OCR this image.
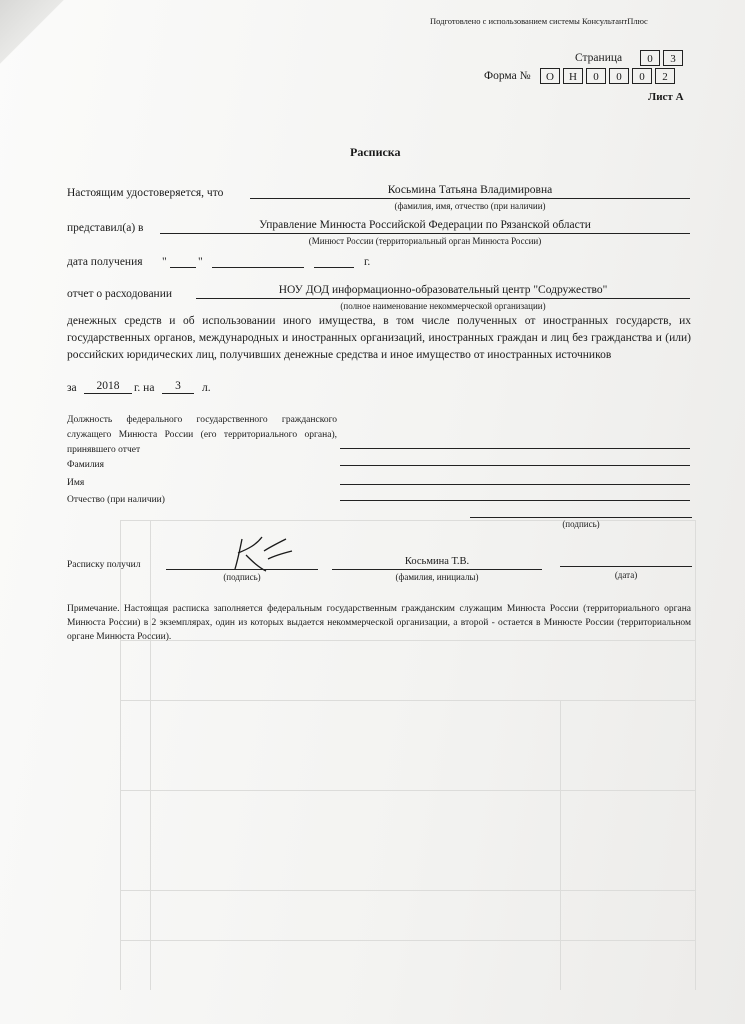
Подготовлено с использованием системы КонсультантПлюс
Страница	0	3
Форма №	О	Н	0	0	0	2
Лист А
Расписка
Настоящим удостоверяется, что	Косьмина Татьяна Владимировна
(фамилия, имя, отчество (при наличии)
представил(а) в	Управление Минюста Российской Федерации по Рязанской области
(Минюст России (территориальный орган Минюста России)
дата получения "	"	г.
отчет о расходовании	НОУ ДОД информационно-образовательный центр "Содружество"
(полное наименование некоммерческой организации)
денежных средств и об использовании иного имущества, в том числе полученных от иностранных государств, их государственных органов, международных и иностранных организаций, иностранных граждан и лиц без гражданства и (или) российских юридических лиц, получивших денежные средства и иное имущество от иностранных источников
за	2018	г. на	3	л.
Должность федерального государственного гражданского служащего Минюста России (его территориального органа), принявшего отчет
Фамилия
Имя
Отчество (при наличии)
(подпись)
Расписку получил
(подпись)
Косьмина Т.В.
(фамилия, инициалы)	(дата)
Примечание. Настоящая расписка заполняется федеральным государственным гражданским служащим Минюста России (территориального органа Минюста России) в 2 экземплярах, один из которых выдается некоммерческой организации, а второй - остается в Минюсте России (территориальном органе Минюста России).
